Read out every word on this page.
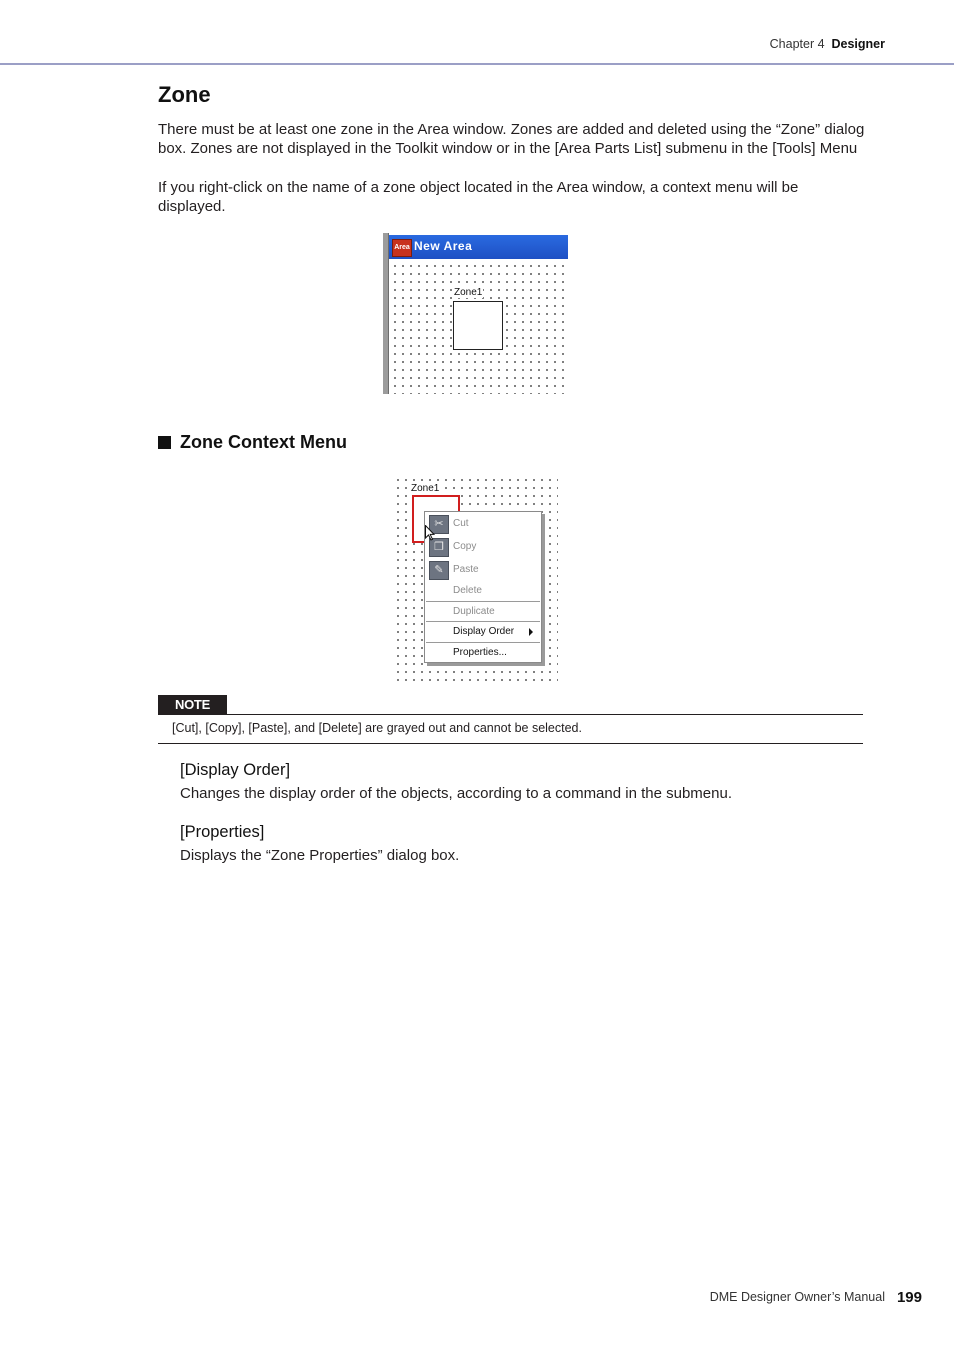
Chapter 4 Designer
Zone
There must be at least one zone in the Area window. Zones are added and deleted using the “Zone” dialog box. Zones are not displayed in the Toolkit window or in the [Area Parts List] submenu in the [Tools] Menu
If you right-click on the name of a zone object located in the Area window, a context menu will be displayed.
Area New Area
Zone1
Zone Context Menu
Zone1
✂ Cut
❐ Copy
✎ Paste
Delete
Duplicate
Display Order
Properties...
NOTE
[Cut], [Copy], [Paste], and [Delete] are grayed out and cannot be selected.
[Display Order]
Changes the display order of the objects, according to a command in the submenu.
[Properties]
Displays the “Zone Properties” dialog box.
DME Designer Owner’s Manual 199
